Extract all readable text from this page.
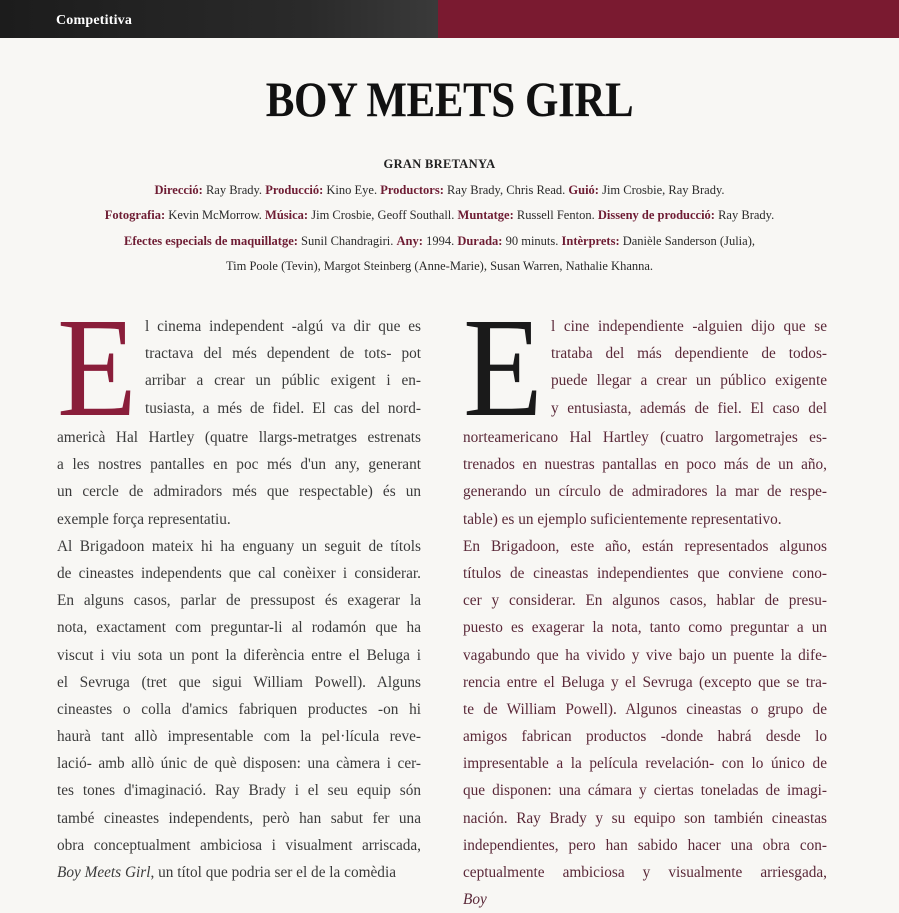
Competitiva
BOY MEETS GIRL
GRAN BRETANYA
Direcció: Ray Brady. Producció: Kino Eye. Productors: Ray Brady, Chris Read. Guió: Jim Crosbie, Ray Brady.
Fotografia: Kevin McMorrow. Música: Jim Crosbie, Geoff Southall. Muntatge: Russell Fenton. Disseny de producció: Ray Brady.
Efectes especials de maquillatge: Sunil Chandragiri. Any: 1994. Durada: 90 minuts. Intèrprets: Danièle Sanderson (Julia),
Tim Poole (Tevin), Margot Steinberg (Anne-Marie), Susan Warren, Nathalie Khanna.
E l cinema independent -algú va dir que es
tractava del més dependent de tots- pot
arribar a crear un públic exigent i en-
tusiasta, a més de fidel. El cas del nord-
americà Hal Hartley (quatre llargs-metratges estrenats
a les nostres pantalles en poc més d'un any, generant
un cercle de admiradors més que respectable) és un
exemple força representatiu.
Al Brigadoon mateix hi ha enguany un seguit de títols
de cineastes independents que cal conèixer i considerar.
En alguns casos, parlar de pressupost és exagerar la
nota, exactament com preguntar-li al rodamón que ha
viscut i viu sota un pont la diferència entre el Beluga i
el Sevruga (tret que sigui William Powell). Alguns
cineastes o colla d'amics fabriquen productes -on hi
haurà tant allò impresentable com la pel·lícula reve-
lació- amb allò únic de què disposen: una càmera i cer-
tes tones d'imaginació. Ray Brady i el seu equip són
també cineastes independents, però han sabut fer una
obra conceptualment ambiciosa i visualment arriscada,
Boy Meets Girl, un títol que podria ser el de la comèdia
E l cine independiente -alguien dijo que se
trataba del más dependiente de todos-
puede llegar a crear un público exigente
y entusiasta, además de fiel. El caso del
norteamericano Hal Hartley (cuatro largometrajes es-
trenados en nuestras pantallas en poco más de un año,
generando un círculo de admiradores la mar de respe-
table) es un ejemplo suficientemente representativo.
En Brigadoon, este año, están representados algunos
títulos de cineastas independientes que conviene cono-
cer y considerar. En algunos casos, hablar de presu-
puesto es exagerar la nota, tanto como preguntar a un
vagabundo que ha vivido y vive bajo un puente la dife-
rencia entre el Beluga y el Sevruga (excepto que se tra-
te de William Powell). Algunos cineastas o grupo de
amigos fabrican productos -donde habrá desde lo
impresentable a la película revelación- con lo único de
que disponen: una cámara y ciertas toneladas de imagi-
nación. Ray Brady y su equipo son también cineastas
independientes, pero han sabido hacer una obra con-
ceptualmente ambiciosa y visualmente arriesgada,
Boy
